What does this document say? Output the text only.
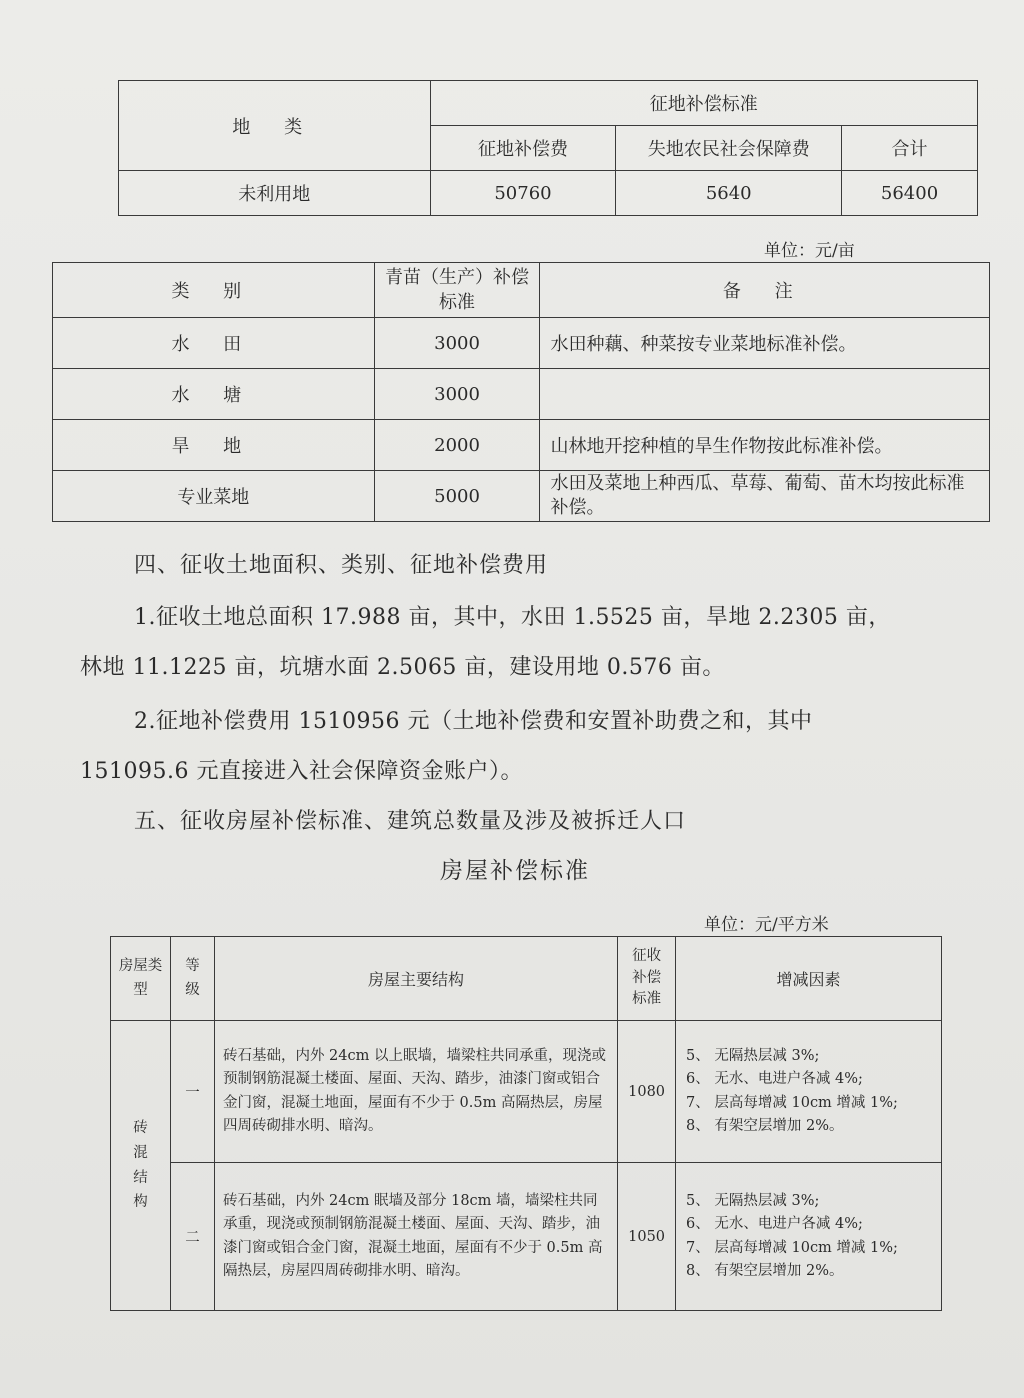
地 类	征地补偿标准		
	征地补偿费	失地农民社会保障费	合计
未利用地	50760	5640	56400
单位：元/亩
类 别	青苗（生产）补偿标准	备 注
水 田	3000	水田种藕、种菜按专业菜地标准补偿。
水 塘	3000	
旱 地	2000	山林地开挖种植的旱生作物按此标准补偿。
专业菜地	5000	水田及菜地上种西瓜、草莓、葡萄、苗木均按此标准补偿。
四、征收土地面积、类别、征地补偿费用
1.征收土地总面积 17.988 亩，其中，水田 1.5525 亩，旱地 2.2305 亩，
林地 11.1225 亩，坑塘水面 2.5065 亩，建设用地 0.576 亩。
2.征地补偿费用 1510956 元（土地补偿费和安置补助费之和，其中
151095.6 元直接进入社会保障资金账户）。
五、征收房屋补偿标准、建筑总数量及涉及被拆迁人口
房屋补偿标准
单位：元/平方米
房屋类型	等级	房屋主要结构	征收补偿标准	增减因素
砖混结构	一	砖石基础，内外 24cm 以上眠墙，墙梁柱共同承重，现浇或预制钢筋混凝土楼面、屋面、天沟、踏步，油漆门窗或铝合金门窗，混凝土地面，屋面有不少于 0.5m 高隔热层，房屋四周砖砌排水明、暗沟。	1080	5、 无隔热层减 3%;
6、 无水、电进户各减 4%;
7、 层高每增减 10cm 增减 1%;
8、 有架空层增加 2%。

	二	砖石基础，内外 24cm 眠墙及部分 18cm 墙，墙梁柱共同承重，现浇或预制钢筋混凝土楼面、屋面、天沟、踏步，油漆门窗或铝合金门窗，混凝土地面，屋面有不少于 0.5m 高隔热层，房屋四周砖砌排水明、暗沟。	1050	5、 无隔热层减 3%;
6、 无水、电进户各减 4%;
7、 层高每增减 10cm 增减 1%;
8、 有架空层增加 2%。
